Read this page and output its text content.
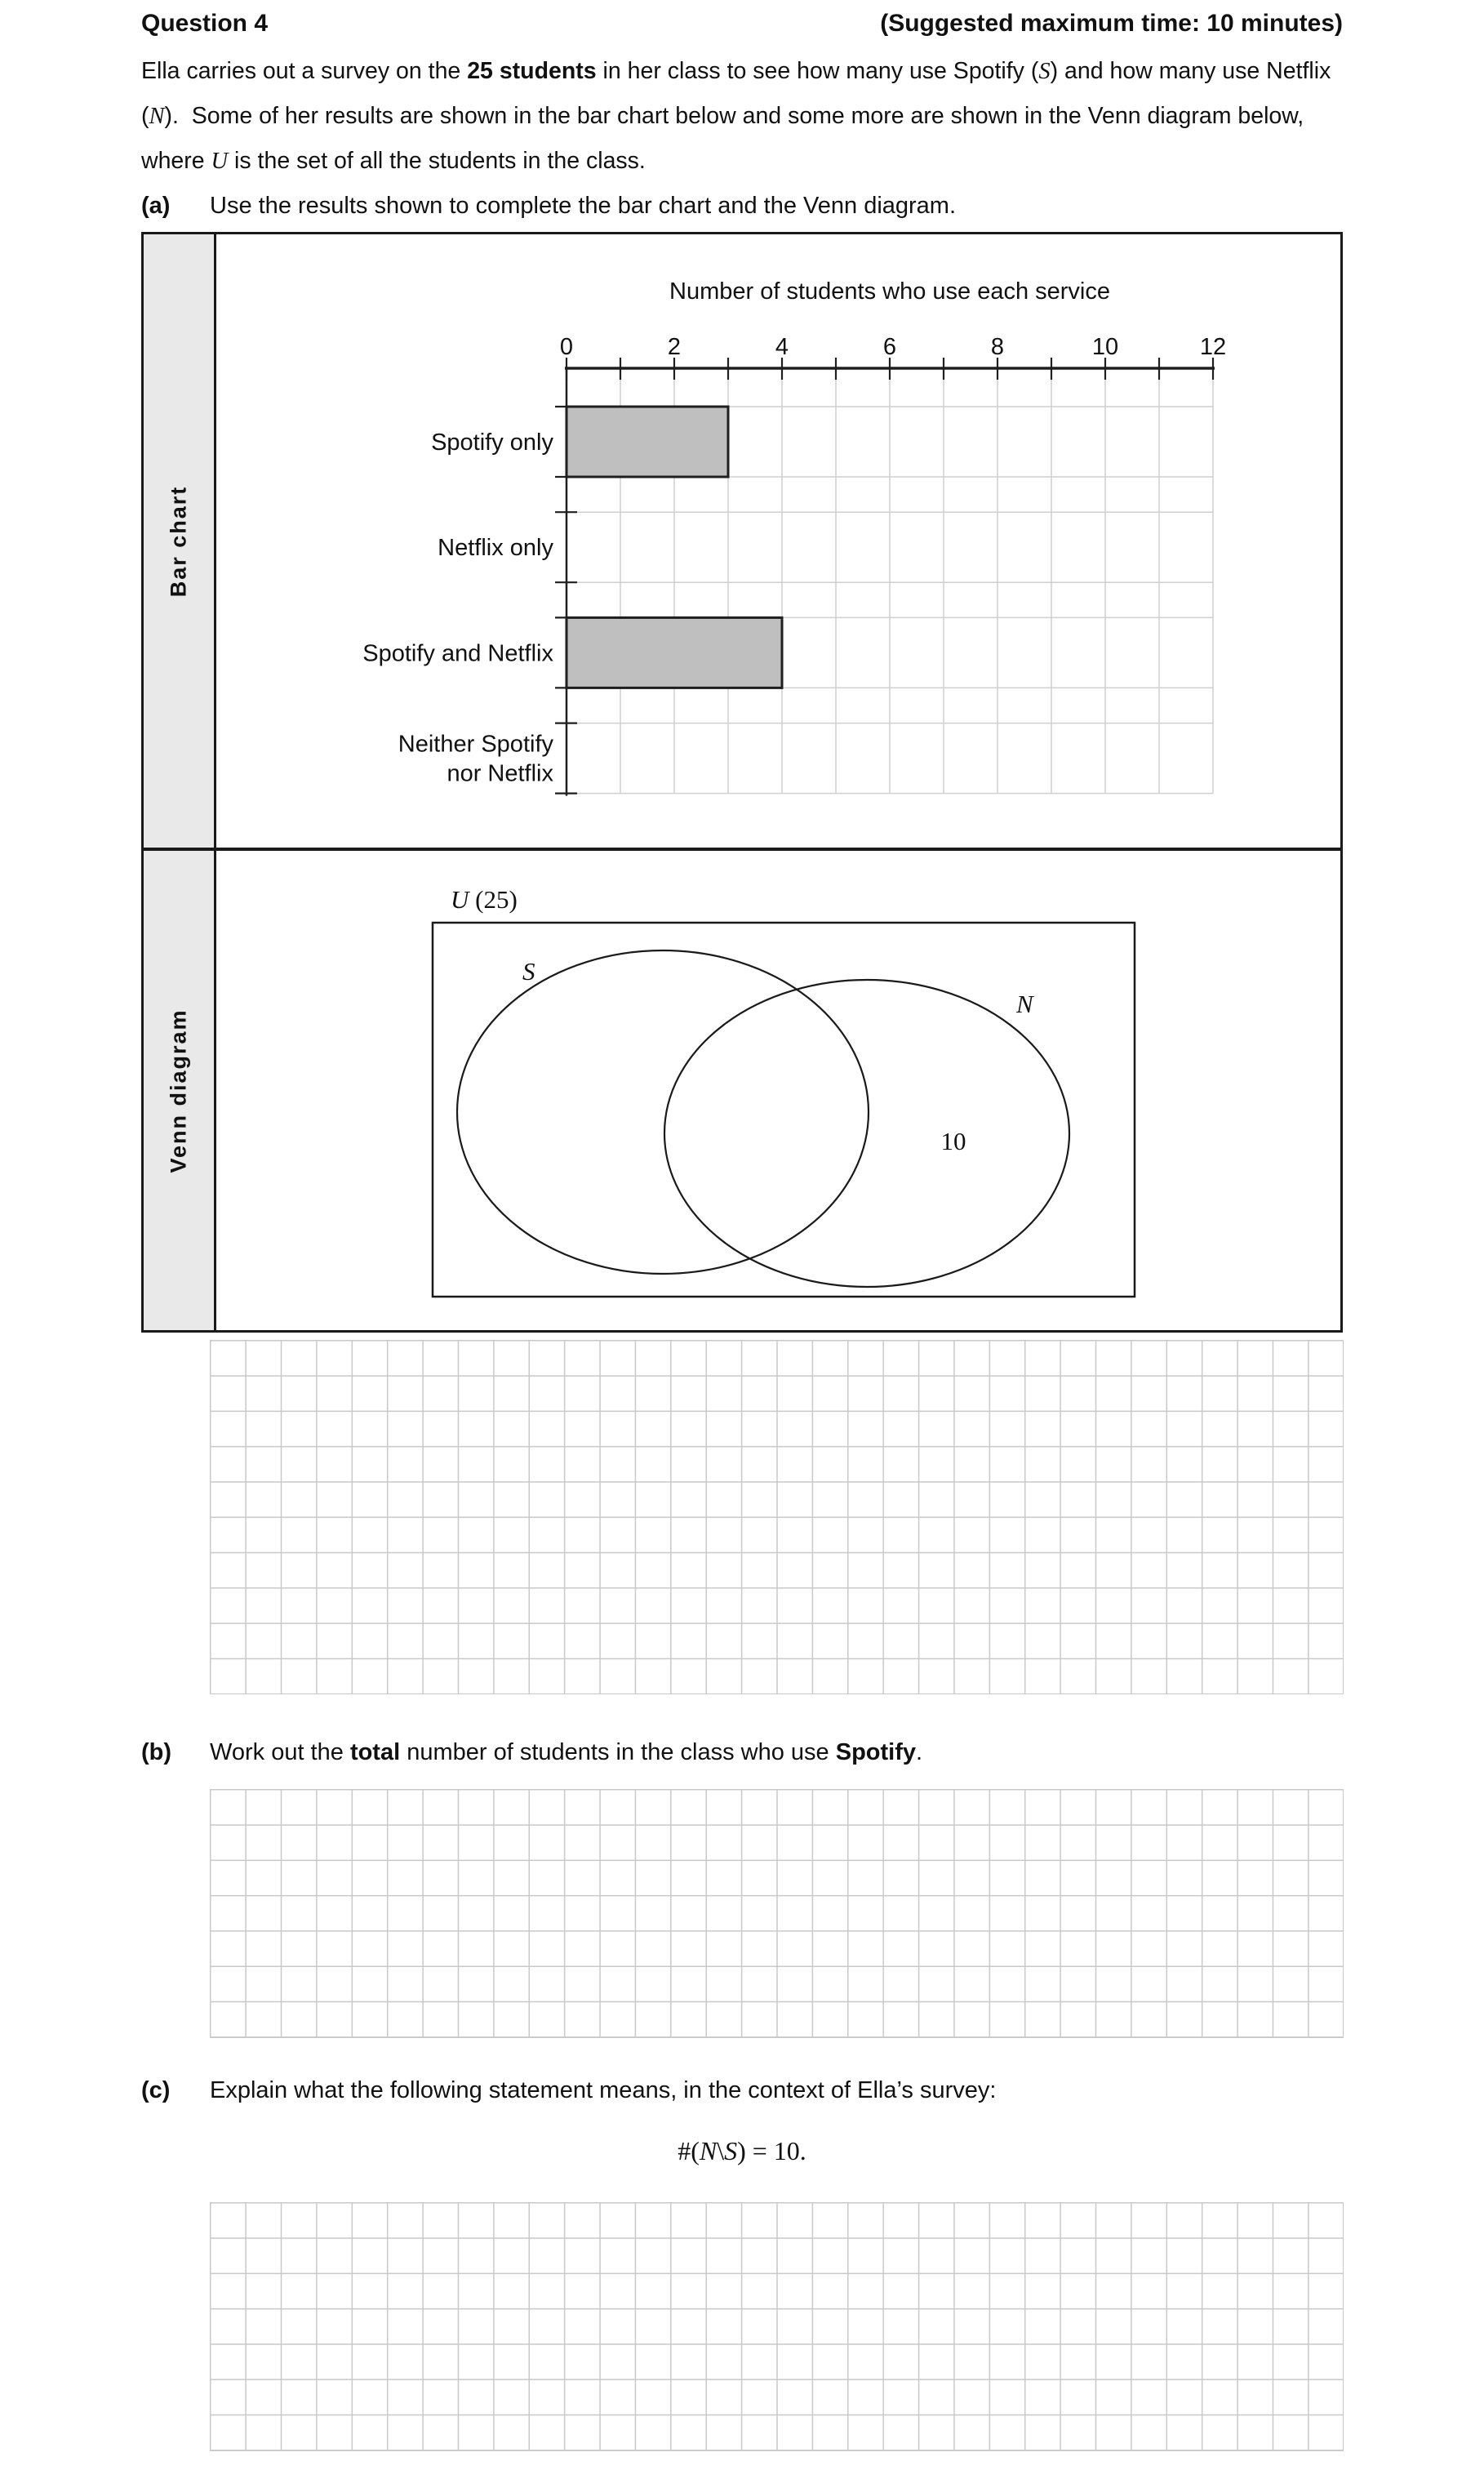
Question 4	(Suggested maximum time: 10 minutes)
Ella carries out a survey on the 25 students in her class to see how many use Spotify (S) and how many use Netflix (N).  Some of her results are shown in the bar chart below and some more are shown in the Venn diagram below, where U is the set of all the students in the class.
(a) Use the results shown to complete the bar chart and the Venn diagram.
Bar chart
Number of students who use each service
0	2	4	6	8	10	12
Spotify only
Netflix only
Spotify and Netflix
Neither Spotify
nor Netflix
Venn diagram
U (25)
S
N
10
(b) Work out the total number of students in the class who use Spotify.
(c) Explain what the following statement means, in the context of Ella’s survey:
#(N\S) = 10.
